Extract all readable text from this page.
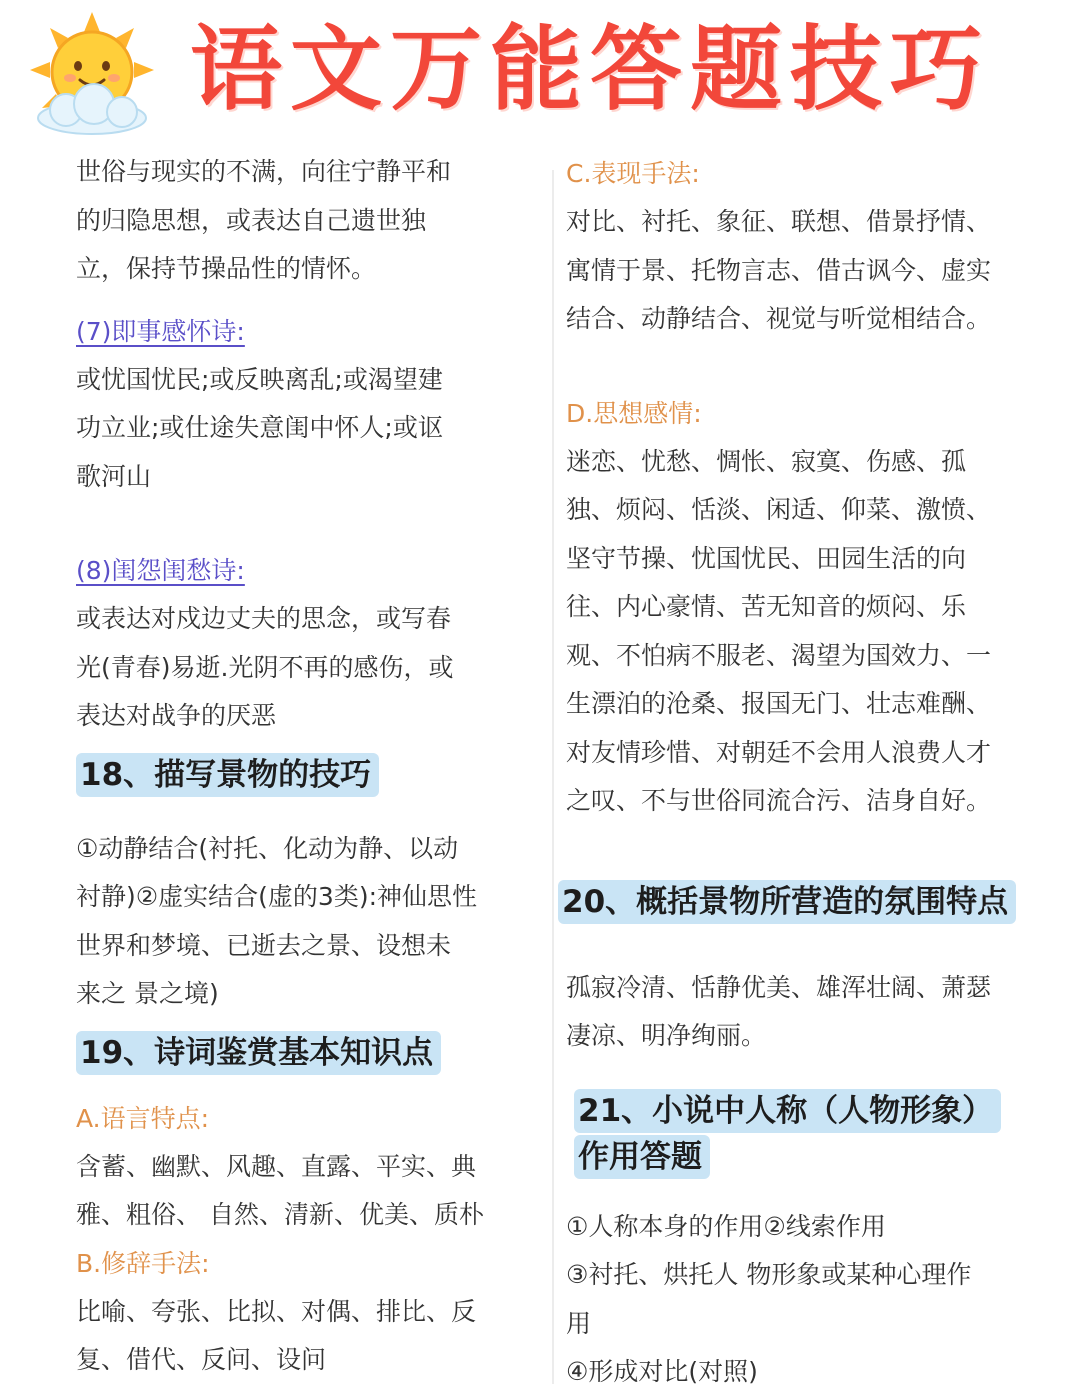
语文万能答题技巧
世俗与现实的不满，向往宁静平和
的归隐思想，或表达自己遗世独
立，保持节操品性的情怀。
(7)即事感怀诗:
或忧国忧民;或反映离乱;或渴望建
功立业;或仕途失意闺中怀人;或讴
歌河山
(8)闺怨闺愁诗:
或表达对戍边丈夫的思念，或写春
光(青春)易逝.光阴不再的感伤，或
表达对战争的厌恶
18、描写景物的技巧
①动静结合(衬托、化动为静、以动
衬静)②虚实结合(虚的3类):神仙思性
世界和梦境、已逝去之景、设想未
来之 景之境)
19、诗词鉴赏基本知识点
A.语言特点:
含蓄、幽默、风趣、直露、平实、典
雅、粗俗、 自然、清新、优美、质朴
B.修辞手法:
比喻、夸张、比拟、对偶、排比、反
复、借代、反问、设问
C.表现手法:
对比、衬托、象征、联想、借景抒情、
寓情于景、托物言志、借古讽今、虚实
结合、动静结合、视觉与听觉相结合。
D.思想感情:
迷恋、忧愁、惆怅、寂寞、伤感、孤
独、烦闷、恬淡、闲适、仰菜、激愤、
坚守节操、忧国忧民、田园生活的向
往、内心豪情、苦无知音的烦闷、乐
观、不怕病不服老、渴望为国效力、一
生漂泊的沧桑、报国无门、壮志难酬、
对友情珍惜、对朝廷不会用人浪费人才
之叹、不与世俗同流合污、洁身自好。
20、概括景物所营造的氛围特点
孤寂冷清、恬静优美、雄浑壮阔、萧瑟
凄凉、明净绚丽。
21、小说中人称（人物形象）
作用答题
①人称本身的作用②线索作用
③衬托、烘托人 物形象或某种心理作
用
④形成对比(对照)
